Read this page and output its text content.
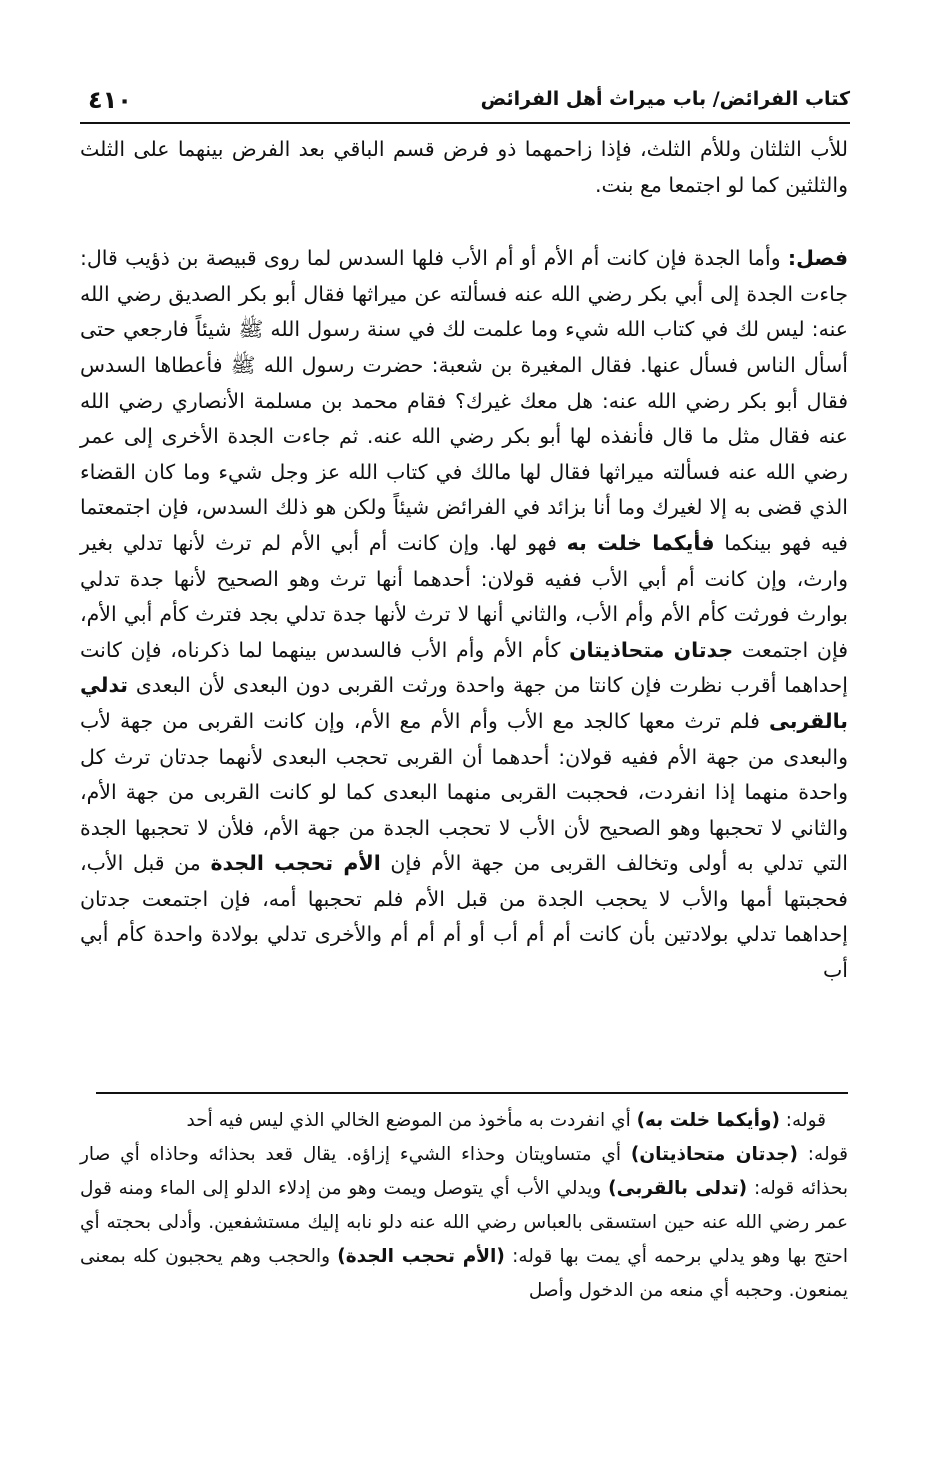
كتاب الفرائض/ باب ميراث أهل الفرائض
٤١٠

للأب الثلثان وللأم الثلث، فإذا زاحمهما ذو فرض قسم الباقي بعد الفرض بينهما على الثلث والثلثين كما لو اجتمعا مع بنت.

فصل: وأما الجدة فإن كانت أم الأم أو أم الأب فلها السدس لما روى قبيصة بن ذؤيب قال: جاءت الجدة إلى أبي بكر رضي الله عنه فسألته عن ميراثها فقال أبو بكر الصديق رضي الله عنه: ليس لك في كتاب الله شيء وما علمت لك في سنة رسول الله ﷺ شيئاً فارجعي حتى أسأل الناس فسأل عنها. فقال المغيرة بن شعبة: حضرت رسول الله ﷺ فأعطاها السدس فقال أبو بكر رضي الله عنه: هل معك غيرك؟ فقام محمد بن مسلمة الأنصاري رضي الله عنه فقال مثل ما قال فأنفذه لها أبو بكر رضي الله عنه. ثم جاءت الجدة الأخرى إلى عمر رضي الله عنه فسألته ميراثها فقال لها مالك في كتاب الله عز وجل شيء وما كان القضاء الذي قضى به إلا لغيرك وما أنا بزائد في الفرائض شيئاً ولكن هو ذلك السدس، فإن اجتمعتما فيه فهو بينكما فأيكما خلت به فهو لها. وإن كانت أم أبي الأم لم ترث لأنها تدلي بغير وارث، وإن كانت أم أبي الأب ففيه قولان: أحدهما أنها ترث وهو الصحيح لأنها جدة تدلي بوارث فورثت كأم الأم وأم الأب، والثاني أنها لا ترث لأنها جدة تدلي بجد فترث كأم أبي الأم، فإن اجتمعت جدتان متحاذيتان كأم الأم وأم الأب فالسدس بينهما لما ذكرناه، فإن كانت إحداهما أقرب نظرت فإن كانتا من جهة واحدة ورثت القربى دون البعدى لأن البعدى تدلي بالقربى فلم ترث معها كالجد مع الأب وأم الأم مع الأم، وإن كانت القربى من جهة لأب والبعدى من جهة الأم ففيه قولان: أحدهما أن القربى تحجب البعدى لأنهما جدتان ترث كل واحدة منهما إذا انفردت، فحجبت القربى منهما البعدى كما لو كانت القربى من جهة الأم، والثاني لا تحجبها وهو الصحيح لأن الأب لا تحجب الجدة من جهة الأم، فلأن لا تحجبها الجدة التي تدلي به أولى وتخالف القربى من جهة الأم فإن الأم تحجب الجدة من قبل الأب، فحجبتها أمها والأب لا يحجب الجدة من قبل الأم فلم تحجبها أمه، فإن اجتمعت جدتان إحداهما تدلي بولادتين بأن كانت أم أم أب أو أم أم أم والأخرى تدلي بولادة واحدة كأم أبي أب

قوله: (وأيكما خلت به) أي انفردت به مأخوذ من الموضع الخالي الذي ليس فيه أحد

قوله: (جدتان متحاذيتان) أي متساويتان وحذاء الشيء إزاؤه. يقال قعد بحذائه وحاذاه أي صار بحذائه قوله: (تدلى بالقربى) ويدلي الأب أي يتوصل ويمت وهو من إدلاء الدلو إلى الماء ومنه قول عمر رضي الله عنه حين استسقى بالعباس رضي الله عنه دلو نابه إليك مستشفعين. وأدلى بحجته أي احتج بها وهو يدلي برحمه أي يمت بها قوله: (الأم تحجب الجدة) والحجب وهم يحجبون كله بمعنى يمنعون. وحجبه أي منعه من الدخول وأصل
